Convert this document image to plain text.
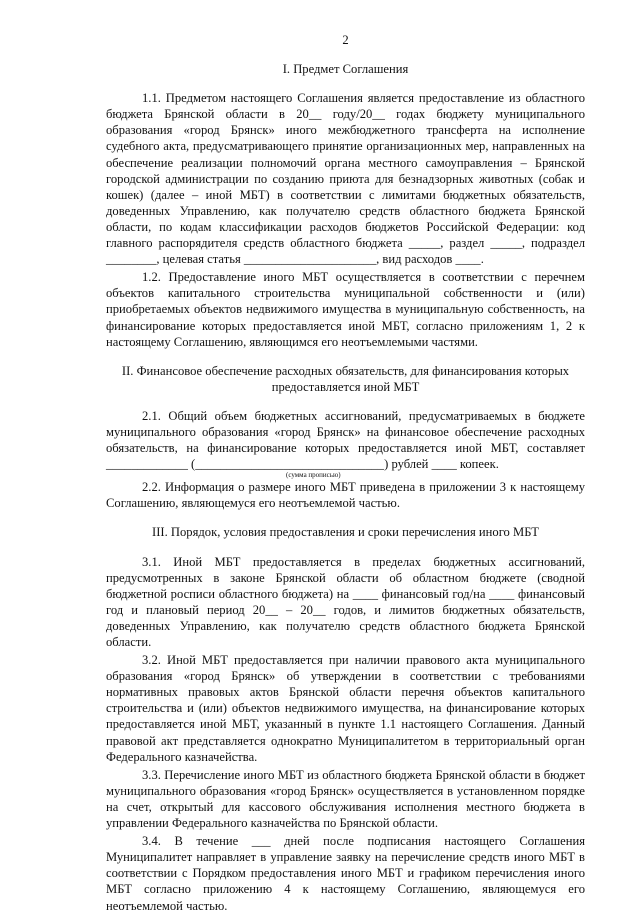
2
I. Предмет Соглашения

1.1. Предметом настоящего Соглашения является предоставление из областного бюджета Брянской области в 20__ году/20__ годах бюджету муниципального образования «город Брянск» иного межбюджетного трансферта на исполнение судебного акта, предусматривающего принятие организационных мер, направленных на обеспечение реализации полномочий органа местного самоуправления – Брянской городской администрации по созданию приюта для безнадзорных животных (собак и кошек) (далее – иной МБТ) в соответствии с лимитами бюджетных обязательств, доведенных Управлению, как получателю средств областного бюджета Брянской области, по кодам классификации расходов бюджетов Российской Федерации: код главного распорядителя средств областного бюджета _____, раздел _____, подраздел ________, целевая статья _____________________, вид расходов ____.

1.2. Предоставление иного МБТ осуществляется в соответствии с перечнем объектов капитального строительства муниципальной собственности и (или) приобретаемых объектов недвижимого имущества в муниципальную собственность, на финансирование которых предоставляется иной МБТ, согласно приложениям 1, 2 к настоящему Соглашению, являющимся его неотъемлемыми частями.

II. Финансовое обеспечение расходных обязательств, для финансирования которых предоставляется иной МБТ

2.1. Общий объем бюджетных ассигнований, предусматриваемых в бюджете муниципального образования «город Брянск» на финансовое обеспечение расходных обязательств, на финансирование которых предоставляется иной МБТ, составляет _____________ (______________________________) рублей ____ копеек.

(сумма прописью)

2.2. Информация о размере иного МБТ приведена в приложении 3 к настоящему Соглашению, являющемуся его неотъемлемой частью.

III. Порядок, условия предоставления и сроки перечисления иного МБТ

3.1. Иной МБТ предоставляется в пределах бюджетных ассигнований, предусмотренных в законе Брянской области об областном бюджете (сводной бюджетной росписи областного бюджета) на ____ финансовый год/на ____ финансовый год и плановый период 20__ – 20__ годов, и лимитов бюджетных обязательств, доведенных Управлению, как получателю средств областного бюджета Брянской области.

3.2. Иной МБТ предоставляется при наличии правового акта муниципального образования «город Брянск» об утверждении в соответствии с требованиями нормативных правовых актов Брянской области перечня объектов капитального строительства и (или) объектов недвижимого имущества, на финансирование которых предоставляется иной МБТ, указанный в пункте 1.1 настоящего Соглашения. Данный правовой акт представляется однократно Муниципалитетом в территориальный орган Федерального казначейства.

3.3. Перечисление иного МБТ из областного бюджета Брянской области в бюджет муниципального образования «город Брянск» осуществляется в установленном порядке на счет, открытый для кассового обслуживания исполнения местного бюджета в управлении Федерального казначейства по Брянской области.

3.4. В течение ___ дней после подписания настоящего Соглашения Муниципалитет направляет в управление заявку на перечисление средств иного МБТ в соответствии с Порядком предоставления иного МБТ и графиком перечисления иного МБТ согласно приложению 4 к настоящему Соглашению, являющемуся его неотъемлемой частью.
